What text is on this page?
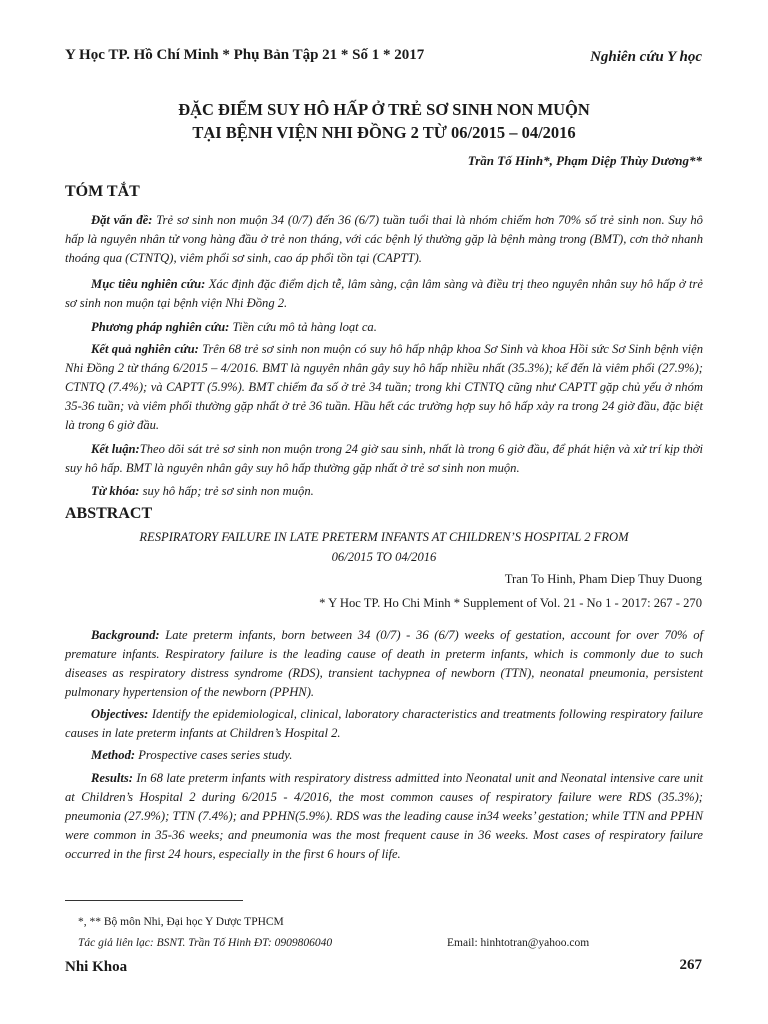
Y Học TP. Hồ Chí Minh * Phụ Bản Tập 21 * Số 1 * 2017	Nghiên cứu Y học
ĐẶC ĐIỂM SUY HÔ HẤP Ở TRẺ SƠ SINH NON MUỘN
TẠI BỆNH VIỆN NHI ĐỒNG 2 TỪ 06/2015 – 04/2016
Trần Tố Hinh*, Phạm Diệp Thùy Dương**
TÓM TẮT
Đặt vấn đề: Trẻ sơ sinh non muộn 34 (0/7) đến 36 (6/7) tuần tuổi thai là nhóm chiếm hơn 70% số trẻ sinh non. Suy hô hấp là nguyên nhân tử vong hàng đầu ở trẻ non tháng, với các bệnh lý thường gặp là bệnh màng trong (BMT), cơn thở nhanh thoáng qua (CTNTQ), viêm phổi sơ sinh, cao áp phổi tồn tại (CAPTT).
Mục tiêu nghiên cứu: Xác định đặc điểm dịch tễ, lâm sàng, cận lâm sàng và điều trị theo nguyên nhân suy hô hấp ở trẻ sơ sinh non muộn tại bệnh viện Nhi Đồng 2.
Phương pháp nghiên cứu: Tiền cứu mô tả hàng loạt ca.
Kết quả nghiên cứu: Trên 68 trẻ sơ sinh non muộn có suy hô hấp nhập khoa Sơ Sinh và khoa Hồi sức Sơ Sinh bệnh viện Nhi Đồng 2 từ tháng 6/2015 – 4/2016. BMT là nguyên nhân gây suy hô hấp nhiều nhất (35.3%); kế đến là viêm phổi (27.9%); CTNTQ (7.4%); và CAPTT (5.9%). BMT chiếm đa số ở trẻ 34 tuần; trong khi CTNTQ cũng như CAPTT gặp chủ yếu ở nhóm 35-36 tuần; và viêm phổi thường gặp nhất ở trẻ 36 tuần. Hầu hết các trường hợp suy hô hấp xảy ra trong 24 giờ đầu, đặc biệt là trong 6 giờ đầu.
Kết luận:Theo dõi sát trẻ sơ sinh non muộn trong 24 giờ sau sinh, nhất là trong 6 giờ đầu, để phát hiện và xử trí kịp thời suy hô hấp. BMT là nguyên nhân gây suy hô hấp thường gặp nhất ở trẻ sơ sinh non muộn.
Từ khóa: suy hô hấp; trẻ sơ sinh non muộn.
ABSTRACT
RESPIRATORY FAILURE IN LATE PRETERM INFANTS AT CHILDREN’S HOSPITAL 2 FROM
06/2015 TO 04/2016
Tran To Hinh, Pham Diep Thuy Duong
* Y Hoc TP. Ho Chi Minh * Supplement of Vol. 21 - No 1 - 2017: 267 - 270
Background: Late preterm infants, born between 34 (0/7) - 36 (6/7) weeks of gestation, account for over 70% of premature infants. Respiratory failure is the leading cause of death in preterm infants, which is commonly due to such diseases as respiratory distress syndrome (RDS), transient tachypnea of newborn (TTN), neonatal pneumonia, persistent pulmonary hypertension of the newborn (PPHN).
Objectives: Identify the epidemiological, clinical, laboratory characteristics and treatments following respiratory failure causes in late preterm infants at Children’s Hospital 2.
Method: Prospective cases series study.
Results: In 68 late preterm infants with respiratory distress admitted into Neonatal unit and Neonatal intensive care unit at Children’s Hospital 2 during 6/2015 - 4/2016, the most common causes of respiratory failure were RDS (35.3%); pneumonia (27.9%); TTN (7.4%); and PPHN(5.9%). RDS was the leading cause in34 weeks’ gestation; while TTN and PPHN were common in 35-36 weeks; and pneumonia was the most frequent cause in 36 weeks. Most cases of respiratory failure occurred in the first 24 hours, especially in the first 6 hours of life.
*, ** Bộ môn Nhi, Đại học Y Dược TPHCM
Tác giả liên lạc: BSNT. Trần Tố Hinh ĐT: 0909806040	Email: hinhtotran@yahoo.com
Nhi Khoa	267
